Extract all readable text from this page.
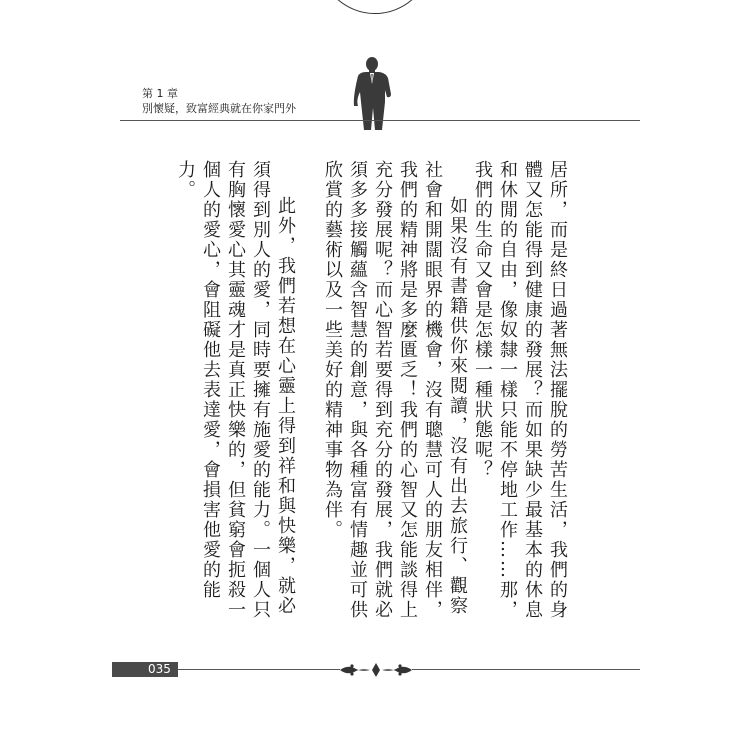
第 1 章
別懷疑，致富經典就在你家門外

居所，而是終日過著無法擺脫的勞苦生活，我們的身體又怎能得到健康的發展？而如果缺少最基本的休息和休閒的自由，像奴隸一樣只能不停地工作……那，我們的生命又會是怎樣一種狀態呢？

如果沒有書籍供你來閱讀，沒有出去旅行、觀察社會和開闊眼界的機會，沒有聰慧可人的朋友相伴，我們的精神將是多麼匱乏！我們的心智又怎能談得上充分發展呢？而心智若要得到充分的發展，我們就必須多多接觸蘊含智慧的創意，與各種富有情趣並可供欣賞的藝術以及一些美好的精神事物為伴。

此外，我們若想在心靈上得到祥和與快樂，就必須得到別人的愛，同時要擁有施愛的能力。一個人只有胸懷愛心其靈魂才是真正快樂的，但貧窮會扼殺一個人的愛心，會阻礙他去表達愛，會損害他愛的能力。

035
